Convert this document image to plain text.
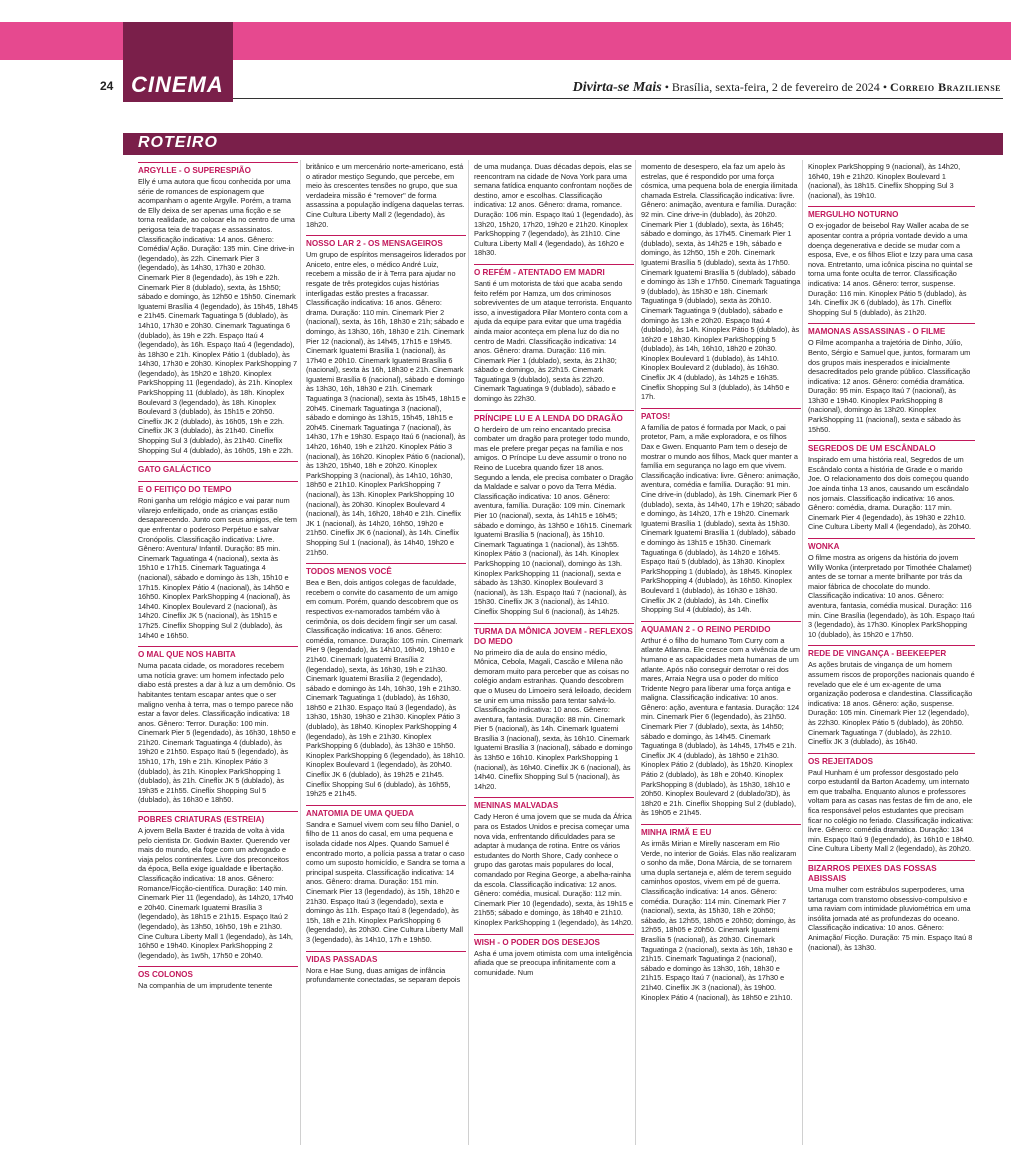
CINEMA
24	Divirta-se Mais • Brasília, sexta-feira, 2 de fevereiro de 2024 • Correio Braziliense
ROTEIRO
ARGYLLE - O SUPERESPIÃO
Elly é uma autora que ficou conhecida por uma série de romances de espionagem que acompanham o agente Argylle. Porém, a trama de Elly deixa de ser apenas uma ficção e se torna realidade, ao colocar ela no centro de uma perigosa teia de trapaças e assassinatos. Classificação indicativa: 14 anos. Gênero: Comédia/ Ação. Duração: 135 min. Cine drive-in (legendado), às 22h. Cinemark Pier 3 (legendado), às 14h30, 17h30 e 20h30. Cinemark Pier 8 (legendado), às 19h e 22h. Cinemark Pier 8 (dublado), sexta, às 15h50; sábado e domingo, às 12h50 e 15h50. Cinemark Iguatemi Brasília 4 (legendado), às 15h45, 18h45 e 21h45. Cinemark Taguatinga 5 (dublado), às 14h10, 17h30 e 20h30. Cinemark Taguatinga 6 (dublado), às 19h e 22h. Espaço Itaú 4 (legendado), às 16h. Espaço Itaú 4 (legendado), às 18h30 e 21h. Kinoplex Pátio 1 (dublado), às 14h30, 17h30 e 20h30. Kinoplex ParkShopping 7 (legendado), às 15h20 e 18h20. Kinoplex ParkShopping 11 (legendado), às 21h. Kinoplex ParkShopping 11 (dublado), às 18h. Kinoplex Boulevard 3 (legendado), às 18h. Kinoplex Boulevard 3 (dublado), às 15h15 e 20h50. Cineflix JK 2 (dublado), às 16h05, 19h e 22h. Cineflix JK 3 (dublado), às 21h40. Cineflix Shopping Sul 3 (dublado), às 21h40. Cineflix Shopping Sul 4 (dublado), às 16h05, 19h e 22h.
GATO GALÁCTICO
E O FEITIÇO DO TEMPO
Roni ganha um relógio mágico e vai parar num vilarejo enfeitiçado, onde as crianças estão desaparecendo. Junto com seus amigos, ele tem que enfrentar o poderoso Perpétuo e salvar Cronópolis. Classificação indicativa: Livre. Gênero: Aventura/ Infantil. Duração: 85 min. Cinemark Taguatinga 4 (nacional), sexta às 15h10 e 17h15. Cinemark Taguatinga 4 (nacional), sábado e domingo às 13h, 15h10 e 17h15. Kinoplex Pátio 4 (nacional), às 14h50 e 16h50. Kinoplex ParkShopping 4 (nacional), às 14h40. Kinoplex Boulevard 2 (nacional), às 14h20. Cineflix JK 5 (nacional), às 15h15 e 17h25. Cineflix Shopping Sul 2 (dublado), às 14h40 e 16h50.
O MAL QUE NOS HABITA
Numa pacata cidade, os moradores recebem uma notícia grave: um homem infectado pelo diabo está prestes a dar à luz a um demônio. Os habitantes tentam escapar antes que o ser maligno venha à terra, mas o tempo parece não estar a favor deles. Classificação indicativa: 18 anos. Gênero: Terror. Duração: 100 min. Cinemark Pier 5 (legendado), às 16h30, 18h50 e 21h20. Cinemark Taguatinga 4 (dublado), às 19h20 e 21h50. Espaço Itaú 5 (legendado), às 15h10, 17h, 19h e 21h. Kinoplex Pátio 3 (dublado), às 21h. Kinoplex ParkShopping 1 (dublado), às 21h. Cineflix JK 5 (dublado), às 19h35 e 21h55. Cineflix Shopping Sul 5 (dublado), às 16h30 e 18h50.
POBRES CRIATURAS (ESTREIA)
A jovem Bella Baxter é trazida de volta à vida pelo cientista Dr. Godwin Baxter. Querendo ver mais do mundo, ela foge com um advogado e viaja pelos continentes. Livre dos preconceitos da época, Bella exige igualdade e libertação. Classificação indicativa: 18 anos. Gênero: Romance/Ficção-científica. Duração: 140 min. Cinemark Pier 11 (legendado), às 14h20, 17h40 e 20h40. Cinemark Iguatemi Brasília 3 (legendado), às 18h15 e 21h15. Espaço Itaú 2 (legendado), às 13h50, 16h50, 19h e 21h30. Cine Cultura Liberty Mall 1 (legendado), às 14h, 16h50 e 19h40. Kinoplex ParkShopping 2 (legendado), às 1w5h, 17h50 e 20h40.
OS COLONOS
Na companhia de um imprudente tenente
britânico e um mercenário norte-americano, está o atirador mestiço Segundo, que percebe, em meio às crescentes tensões no grupo, que sua verdadeira missão é "remover" de forma assassina a população indígena daquelas terras. Cine Cultura Liberty Mall 2 (legendado), às 18h20.
NOSSO LAR 2 - OS MENSAGEIROS
Um grupo de espíritos mensageiros liderados por Aniceto, entre eles, o médico André Luiz, recebem a missão de ir à Terra para ajudar no resgate de três protegidos cujas histórias interligadas estão prestes a fracassar. Classificação indicativa: 16 anos. Gênero: drama. Duração: 110 min. Cinemark Pier 2 (nacional), sexta, às 16h, 18h30 e 21h; sábado e domingo, às 13h30, 16h, 18h30 e 21h. Cinemark Pier 12 (nacional), às 14h45, 17h15 e 19h45. Cinemark Iguatemi Brasília 1 (nacional), às 17h40 e 20h10. Cinemark Iguatemi Brasília 6 (nacional), sexta às 16h, 18h30 e 21h. Cinemark Iguatemi Brasília 6 (nacional), sábado e domingo às 13h30, 16h, 18h30 e 21h. Cinemark Taguatinga 3 (nacional), sexta às 15h45, 18h15 e 20h45. Cinemark Taguatinga 3 (nacional), sábado e domingo às 13h15, 15h45, 18h15 e 20h45. Cinemark Taguatinga 7 (nacional), às 14h30, 17h e 19h30. Espaço Itaú 6 (nacional), às 14h20, 16h40, 19h e 21h20. Kinoplex Pátio 3 (nacional), às 16h20. Kinoplex Pátio 6 (nacional), às 13h20, 15h40, 18h e 20h20. Kinoplex ParkShopping 3 (nacional), às 14h10, 16h30, 18h50 e 21h10. Kinoplex ParkShopping 7 (nacional), às 13h. Kinoplex ParkShopping 10 (nacional), às 20h30. Kinoplex Boulevard 4 (nacional), às 14h, 16h20, 18h40 e 21h. Cineflix JK 1 (nacional), às 14h20, 16h50, 19h20 e 21h50. Cineflix JK 6 (nacional), às 14h. Cineflix Shopping Sul 1 (nacional), às 14h40, 19h20 e 21h50.
TODOS MENOS VOCÊ
Bea e Ben, dois antigos colegas de faculdade, recebem o convite do casamento de um amigo em comum. Porém, quando descobrem que os respectivos ex-namorados também vão à cerimônia, os dois decidem fingir ser um casal. Classificação indicativa: 16 anos. Gênero: comédia, romance. Duração: 105 min. Cinemark Pier 9 (legendado), às 14h10, 16h40, 19h10 e 21h40. Cinemark Iguatemi Brasília 2 (legendado), sexta, às 16h30, 19h e 21h30. Cinemark Iguatemi Brasília 2 (legendado), sábado e domingo às 14h, 16h30, 19h e 21h30. Cinemark Taguatinga 1 (dublado), às 16h30, 18h50 e 21h30. Espaço Itaú 3 (legendado), às 13h30, 15h30, 19h30 e 21h30. Kinoplex Pátio 3 (dublado), às 18h40. Kinoplex ParkShopping 4 (legendado), às 19h e 21h30. Kinoplex ParkShopping 6 (dublado), às 13h30 e 15h50. Kinoplex ParkShopping 6 (legendado), às 18h10. Kinoplex Boulevard 1 (legendado), às 20h40. Cineflix JK 6 (dublado), às 19h25 e 21h45. Cineflix Shopping Sul 6 (dublado), às 16h55, 19h25 e 21h45.
ANATOMIA DE UMA QUEDA
Sandra e Samuel vivem com seu filho Daniel, o filho de 11 anos do casal, em uma pequena e isolada cidade nos Alpes. Quando Samuel é encontrado morto, a polícia passa a tratar o caso como um suposto homicídio, e Sandra se torna a principal suspeita. Classificação indicativa: 14 anos. Gênero: drama. Duração: 151 min. Cinemark Pier 13 (legendado), às 15h, 18h20 e 21h30. Espaço Itaú 3 (legendado), sexta e domingo às 11h. Espaço Itaú 8 (legendado), às 15h, 18h e 21h. Kinoplex ParkShopping 6 (legendado), às 20h30. Cine Cultura Liberty Mall 3 (legendado), às 14h10, 17h e 19h50.
VIDAS PASSADAS
Nora e Hae Sung, duas amigas de infância profundamente conectadas, se separam depois
de uma mudança. Duas décadas depois, elas se reencontram na cidade de Nova York para uma semana fatídica enquanto confrontam noções de destino, amor e escolhas. Classificação indicativa: 12 anos. Gênero: drama, romance. Duração: 106 min. Espaço Itaú 1 (legendado), às 13h20, 15h20, 17h20, 19h20 e 21h20. Kinoplex ParkShopping 7 (legendado), às 21h10. Cine Cultura Liberty Mall 4 (legendado), às 16h20 e 18h30.
O REFÉM - ATENTADO EM MADRI
Santi é um motorista de táxi que acaba sendo feito refém por Hamza, um dos criminosos sobreviventes de um ataque terrorista. Enquanto isso, a investigadora Pilar Montero conta com a ajuda da equipe para evitar que uma tragédia ainda maior aconteça em plena luz do dia no centro de Madri. Classificação indicativa: 14 anos. Gênero: drama. Duração: 116 min. Cinemark Pier 1 (dublado), sexta, às 21h30; sábado e domingo, às 22h15. Cinemark Taguatinga 9 (dublado), sexta às 22h20. Cinemark Taguatinga 9 (dublado), sábado e domingo às 22h30.
PRÍNCIPE LU E A LENDA DO DRAGÃO
O herdeiro de um reino encantado precisa combater um dragão para proteger todo mundo, mas ele prefere pregar peças na família e nos amigos. O Príncipe Lu deve assumir o trono no Reino de Lucebra quando fizer 18 anos. Segundo a lenda, ele precisa combater o Dragão da Maldade e salvar o povo da Terra Média. Classificação indicativa: 10 anos. Gênero: aventura, família. Duração: 109 min. Cinemark Pier 10 (nacional), sexta, às 14h15 e 16h45; sábado e domingo, às 13h50 e 16h15. Cinemark Iguatemi Brasília 5 (nacional), às 15h10. Cinemark Taguatinga 1 (nacional), às 13h55. Kinoplex Pátio 3 (nacional), às 14h. Kinoplex ParkShopping 10 (nacional), domingo às 13h. Kinoplex ParkShopping 11 (nacional), sexta e sábado às 13h30. Kinoplex Boulevard 3 (nacional), às 13h. Espaço Itaú 7 (nacional), às 15h30. Cineflix JK 3 (nacional), às 14h10. Cineflix Shopping Sul 6 (nacional), às 14h25.
TURMA DA MÔNICA JOVEM - REFLEXOS DO MEDO
No primeiro dia de aula do ensino médio, Mônica, Cebola, Magali, Cascão e Milena não demoram muito para perceber que as coisas no colégio andam estranhas. Quando descobrem que o Museu do Limoeiro será leiloado, decidem se unir em uma missão para tentar salvá-lo. Classificação indicativa: 10 anos. Gênero: aventura, fantasia. Duração: 88 min. Cinemark Pier 5 (nacional), às 14h. Cinemark Iguatemi Brasília 3 (nacional), sexta, às 16h10. Cinemark Iguatemi Brasília 3 (nacional), sábado e domingo às 13h50 e 16h10. Kinoplex ParkShopping 1 (nacional), às 16h40. Cineflix JK 6 (nacional), às 14h40. Cineflix Shopping Sul 5 (nacional), às 14h20.
MENINAS MALVADAS
Cady Heron é uma jovem que se muda da África para os Estados Unidos e precisa começar uma nova vida, enfrentando dificuldades para se adaptar à mudança de rotina. Entre os vários estudantes do North Shore, Cady conhece o grupo das garotas mais populares do local, comandado por Regina George, a abelha-rainha da escola. Classificação indicativa: 12 anos. Gênero: comédia, musical. Duração: 112 min. Cinemark Pier 10 (legendado), sexta, às 19h15 e 21h55; sábado e domingo, às 18h40 e 21h10. Kinoplex ParkShopping 1 (legendado), às 14h20.
WISH - O PODER DOS DESEJOS
Asha é uma jovem otimista com uma inteligência afiada que se preocupa infinitamente com a comunidade. Num
momento de desespero, ela faz um apelo às estrelas, que é respondido por uma força cósmica, uma pequena bola de energia ilimitada chamada Estrela. Classificação indicativa: livre. Gênero: animação, aventura e família. Duração: 92 min. Cine drive-in (dublado), às 20h20. Cinemark Pier 1 (dublado), sexta, às 16h45; sábado e domingo, às 17h45. Cinemark Pier 1 (dublado), sexta, às 14h25 e 19h, sábado e domingo, às 12h50, 15h e 20h. Cinemark Iguatemi Brasília 5 (dublado), sexta às 17h50. Cinemark Iguatemi Brasília 5 (dublado), sábado e domingo às 13h e 17h50. Cinemark Taguatinga 9 (dublado), às 15h30 e 18h. Cinemark Taguatinga 9 (dublado), sexta às 20h10. Cinemark Taguatinga 9 (dublado), sábado e domingo às 13h e 20h20. Espaço Itaú 4 (dublado), às 14h. Kinoplex Pátio 5 (dublado), às 16h20 e 18h30. Kinoplex ParkShopping 5 (dublado), às 14h, 16h10, 18h20 e 20h30. Kinoplex Boulevard 1 (dublado), às 14h10. Kinoplex Boulevard 2 (dublado), às 16h30. Cineflix JK 4 (dublado), às 14h25 e 16h35. Cineflix Shopping Sul 3 (dublado), às 14h50 e 17h.
PATOS!
A família de patos é formada por Mack, o pai protetor, Pam, a mãe exploradora, e os filhos Dax e Gwen. Enquanto Pam tem o desejo de mostrar o mundo aos filhos, Mack quer manter a família em segurança no lago em que vivem. Classificação indicativa: livre. Gênero: animação, aventura, comédia e família. Duração: 91 min. Cine drive-in (dublado), às 19h. Cinemark Pier 6 (dublado), sexta, às 14h40, 17h e 19h20; sábado e domingo, às 14h20, 17h e 19h20. Cinemark Iguatemi Brasília 1 (dublado), sexta às 15h30. Cinemark Iguatemi Brasília 1 (dublado), sábado e domingo às 13h15 e 15h30. Cinemark Taguatinga 6 (dublado), às 14h20 e 16h45. Espaço Itaú 5 (dublado), às 13h30. Kinoplex ParkShopping 1 (dublado), às 18h45. Kinoplex ParkShopping 4 (dublado), às 16h50. Kinoplex Boulevard 1 (dublado), às 16h30 e 18h30. Cineflix JK 2 (dublado), às 14h. Cineflix Shopping Sul 4 (dublado), às 14h.
AQUAMAN 2 - O REINO PERDIDO
Arthur é o filho do humano Tom Curry com a atlante Atlanna. Ele cresce com a vivência de um humano e as capacidades meta humanas de um atlante. Após não conseguir derrotar o rei dos mares, Arraia Negra usa o poder do mítico Tridente Negro para liberar uma força antiga e maligna. Classificação indicativa: 10 anos. Gênero: ação, aventura e fantasia. Duração: 124 min. Cinemark Pier 6 (legendado), às 21h50. Cinemark Pier 7 (dublado), sexta, às 14h50; sábado e domingo, às 14h45. Cinemark Taguatinga 8 (dublado), às 14h45, 17h45 e 21h. Cineflix JK 4 (dublado), às 18h50 e 21h30. Kinoplex Pátio 2 (dublado), às 15h20. Kinoplex Pátio 2 (dublado), às 18h e 20h40. Kinoplex ParkShopping 8 (dublado), às 15h30, 18h10 e 20h50. Kinoplex Boulevard 2 (dublado/3D), às 18h20 e 21h. Cineflix Shopping Sul 2 (dublado), às 19h05 e 21h45.
MINHA IRMÃ E EU
As irmãs Mirian e Mirelly nasceram em Rio Verde, no interior de Goiás. Elas não realizaram o sonho da mãe, Dona Márcia, de se tornarem uma dupla sertaneja e, além de terem seguido caminhos opostos, vivem em pé de guerra. Classificação indicativa: 14 anos. Gênero: comédia. Duração: 114 min. Cinemark Pier 7 (nacional), sexta, às 15h30, 18h e 20h50; sábado, às 12h55, 18h05 e 20h50; domingo, às 12h55, 18h05 e 20h50. Cinemark Iguatemi Brasília 5 (nacional), às 20h30. Cinemark Taguatinga 2 (nacional), sexta às 16h, 18h30 e 21h15. Cinemark Taguatinga 2 (nacional), sábado e domingo às 13h30, 16h, 18h30 e 21h15. Espaço Itaú 7 (nacional), às 17h30 e 21h40. Cineflix JK 3 (nacional), às 19h00. Kinoplex Pátio 4 (nacional), às 18h50 e 21h10.
Kinoplex ParkShopping 9 (nacional), às 14h20, 16h40, 19h e 21h20. Kinoplex Boulevard 1 (nacional), às 18h15. Cineflix Shopping Sul 3 (nacional), às 19h10.
MERGULHO NOTURNO
O ex-jogador de beisebol Ray Waller acaba de se aposentar contra a própria vontade devido a uma doença degenerativa e decide se mudar com a esposa, Eve, e os filhos Eliot e Izzy para uma casa nova. Entretanto, uma icônica piscina no quintal se torna uma fonte oculta de terror. Classificação indicativa: 14 anos. Gênero: terror, suspense. Duração: 116 min. Kinoplex Pátio 5 (dublado), às 14h. Cineflix JK 6 (dublado), às 17h. Cineflix Shopping Sul 5 (dublado), às 21h20.
MAMONAS ASSASSINAS - O FILME
O Filme acompanha a trajetória de Dinho, Júlio, Bento, Sérgio e Samuel que, juntos, formaram um dos grupos mais inesperados e inicialmente desacreditados pelo grande público. Classificação indicativa: 12 anos. Gênero: comédia dramática. Duração: 95 min. Espaço Itaú 7 (nacional), às 13h30 e 19h40. Kinoplex ParkShopping 8 (nacional), domingo às 13h20. Kinoplex ParkShopping 11 (nacional), sexta e sábado às 15h50.
SEGREDOS DE UM ESCÂNDALO
Inspirado em uma história real, Segredos de um Escândalo conta a história de Grade e o marido Joe. O relacionamento dos dois começou quando Joe ainda tinha 13 anos, causando um escândalo nos jornais. Classificação indicativa: 16 anos. Gênero: comédia, drama. Duração: 117 min. Cinemark Pier 4 (legendado), às 19h30 e 22h10. Cine Cultura Liberty Mall 4 (legendado), às 20h40.
WONKA
O filme mostra as origens da história do jovem Willy Wonka (interpretado por Timothée Chalamet) antes de se tornar a mente brilhante por trás da maior fábrica de chocolate do mundo. Classificação indicativa: 10 anos. Gênero: aventura, fantasia, comédia musical. Duração: 116 min. Cine Brasília (legendado), às 10h. Espaço Itaú 3 (legendado), às 17h30. Kinoplex ParkShopping 10 (dublado), às 15h20 e 17h50.
REDE DE VINGANÇA - BEEKEEPER
As ações brutais de vingança de um homem assumem riscos de proporções nacionais quando é revelado que ele é um ex-agente de uma organização poderosa e clandestina. Classificação indicativa: 18 anos. Gênero: ação, suspense. Duração: 105 min. Cinemark Pier 12 (legendado), às 22h30. Kinoplex Pátio 5 (dublado), às 20h50. Cinemark Taguatinga 7 (dublado), às 22h10. Cineflix JK 3 (dublado), às 16h40.
OS REJEITADOS
Paul Hunham é um professor desgostado pelo corpo estudantil da Barton Academy, um internato em que trabalha. Enquanto alunos e professores voltam para as casas nas festas de fim de ano, ele fica responsável pelos estudantes que precisam ficar no colégio no feriado. Classificação indicativa: livre. Gênero: comédia dramática. Duração: 134 min. Espaço Itaú 9 (legendado), às 16h10 e 18h40. Cine Cultura Liberty Mall 2 (legendado), às 20h20.
BIZARROS PEIXES DAS FOSSAS ABISSAIS
Uma mulher com estrábulos superpoderes, uma tartaruga com transtorno obsessivo-compulsivo e uma raviam com intimidade pluviométrica em uma insólita jornada até as profundezas do oceano. Classificação indicativa: 10 anos. Gênero: Animação/ Ficção. Duração: 75 min. Espaço Itaú 8 (nacional), às 13h30.
